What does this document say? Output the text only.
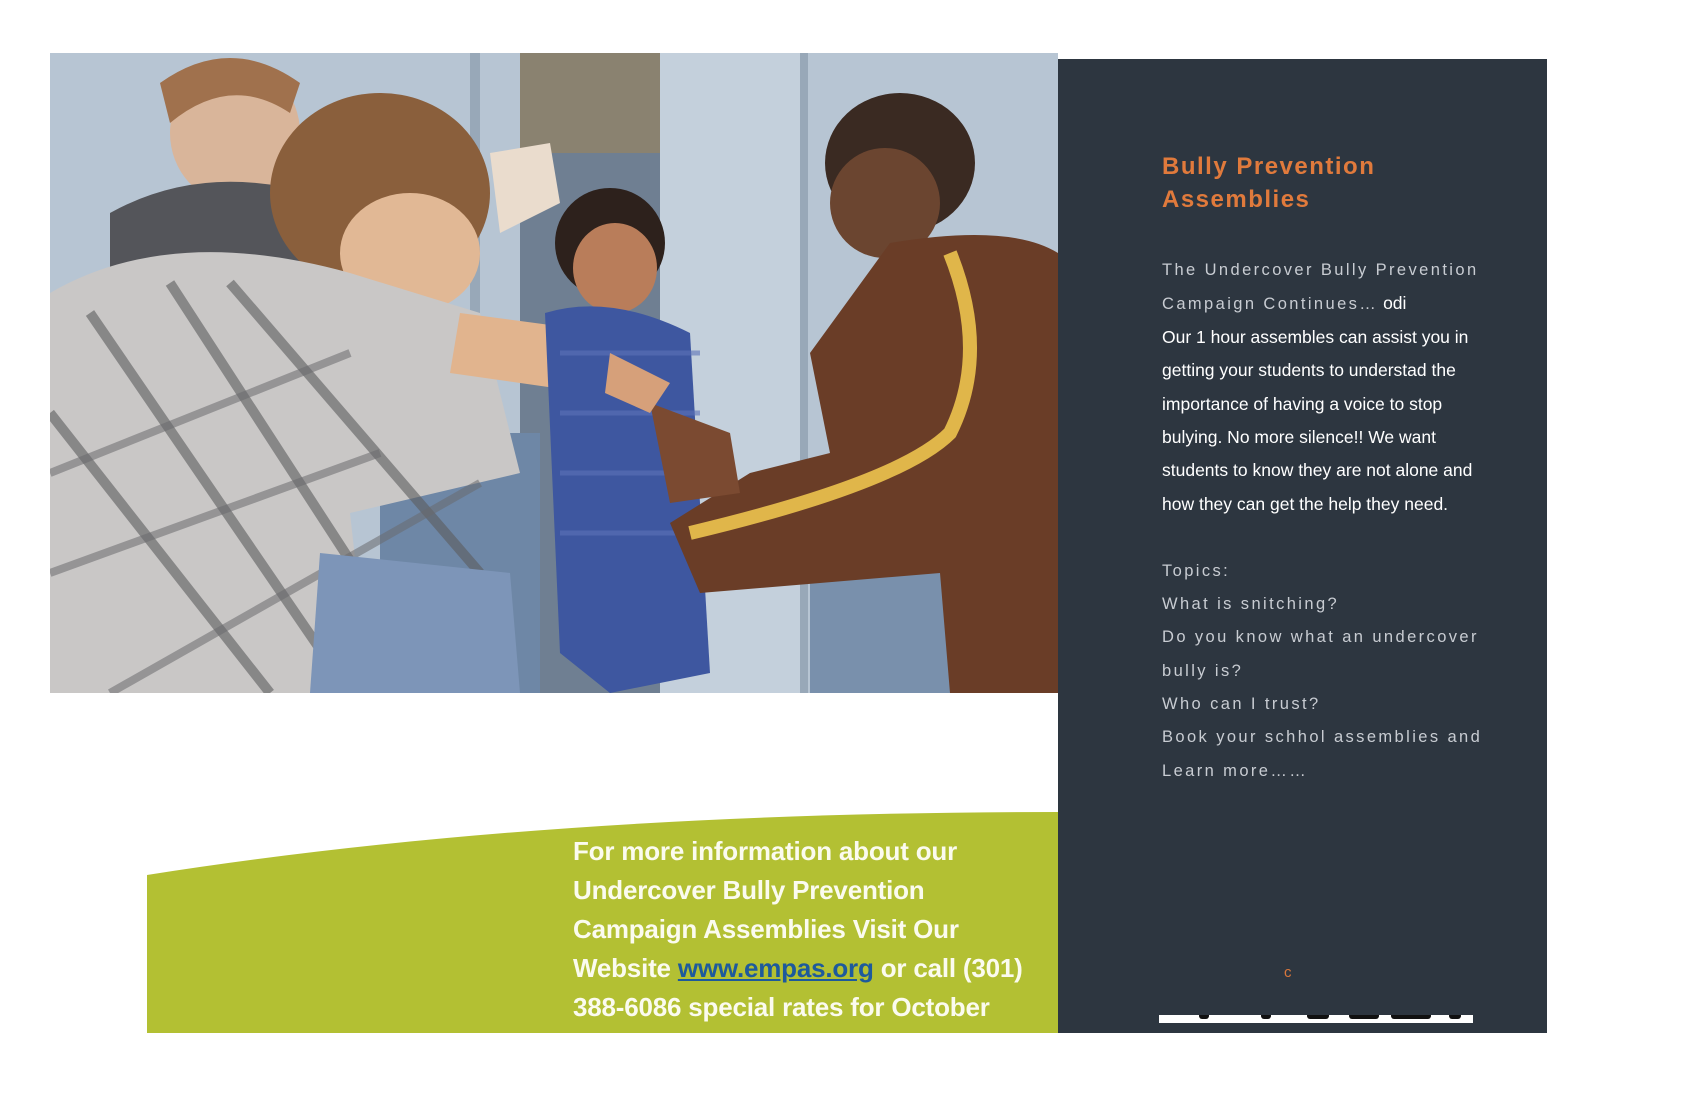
For more information about our
Undercover Bully Prevention
Campaign Assemblies Visit Our
Website www.empas.org or call (301)
388-6086 special rates for October
Bully Prevention
Assemblies
The Undercover Bully Prevention
Campaign Continues… odi
Our 1 hour assembles can assist you in
getting your students to understad the
importance of having a voice to stop
bulying. No more silence!! We want
students to know they are not alone and
how they can get the help they need.
Topics:
What is snitching?
Do you know what an undercover
bully is?
Who can I trust?
Book your schhol assemblies and
Learn more……
c
